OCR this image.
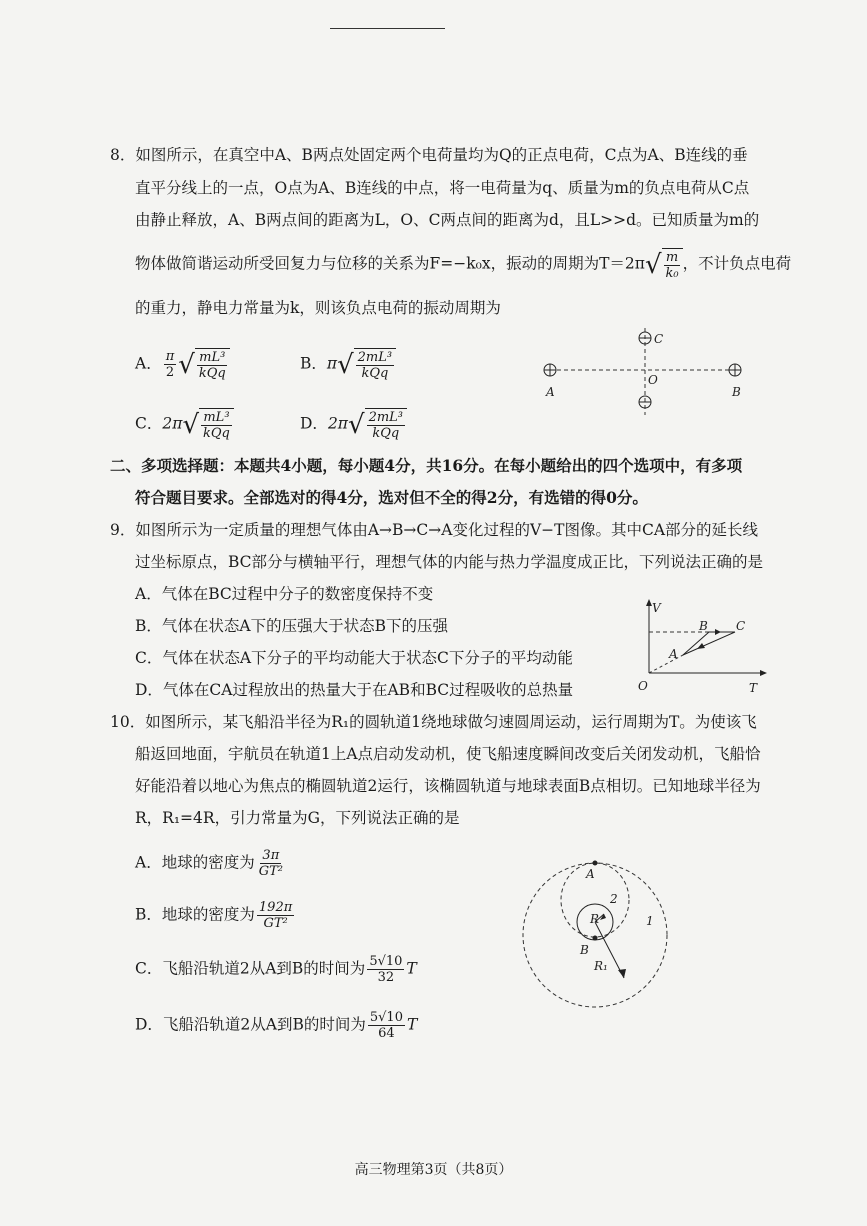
8．如图所示，在真空中A、B两点处固定两个电荷量均为Q的正点电荷，C点为A、B连线的垂
直平分线上的一点，O点为A、B连线的中点，将一电荷量为q、质量为m的负点电荷从C点
由静止释放，A、B两点间的距离为L，O、C两点间的距离为d，且L>>d。已知质量为m的
物体做简谐运动所受回复力与位移的关系为F=−k₀x，振动的周期为T＝2π √ $\frac{m}{\text{k₀}}$ ，不计负点电荷
的重力，静电力常量为k，则该负点电荷的振动周期为
A． $\frac{\pi}{2}$ √ $\frac{\text{mL³}}{\text{kQq}}$	B．π √ $\frac{\text{2mL³}}{\text{kQq}}$
C．2π √ $\frac{\text{mL³}}{\text{kQq}}$	D．2π √ $\frac{\text{2mL³}}{\text{kQq}}$
A	B
C
O
二、多项选择题：本题共4小题，每小题4分，共16分。在每小题给出的四个选项中，有多项
符合题目要求。全部选对的得4分，选对但不全的得2分，有选错的得0分。
9．如图所示为一定质量的理想气体由A→B→C→A变化过程的V−T图像。其中CA部分的延长线
过坐标原点，BC部分与横轴平行，理想气体的内能与热力学温度成正比，下列说法正确的是
A．气体在BC过程中分子的数密度保持不变
B．气体在状态A下的压强大于状态B下的压强
C．气体在状态A下分子的平均动能大于状态C下分子的平均动能
D．气体在CA过程放出的热量大于在AB和BC过程吸收的总热量
V
T
O
A
B C
10．如图所示，某飞船沿半径为R₁的圆轨道1绕地球做匀速圆周运动，运行周期为T。为使该飞
船返回地面，宇航员在轨道1上A点启动发动机，使飞船速度瞬间改变后关闭发动机，飞船恰
好能沿着以地心为焦点的椭圆轨道2运行，该椭圆轨道与地球表面B点相切。已知地球半径为
R，R₁=4R，引力常量为G，下列说法正确的是
A．地球的密度为 $\frac{3\pi}{\text{GT²}}$
B．地球的密度为 $\frac{192\pi}{\text{GT²}}$
C．飞船沿轨道2从A到B的时间为 $\frac{5√10}{32}$ T
D．飞船沿轨道2从A到B的时间为 $\frac{5√10}{64}$ T
A
B
R
R₁
2
1
高三物理第3页（共8页）
